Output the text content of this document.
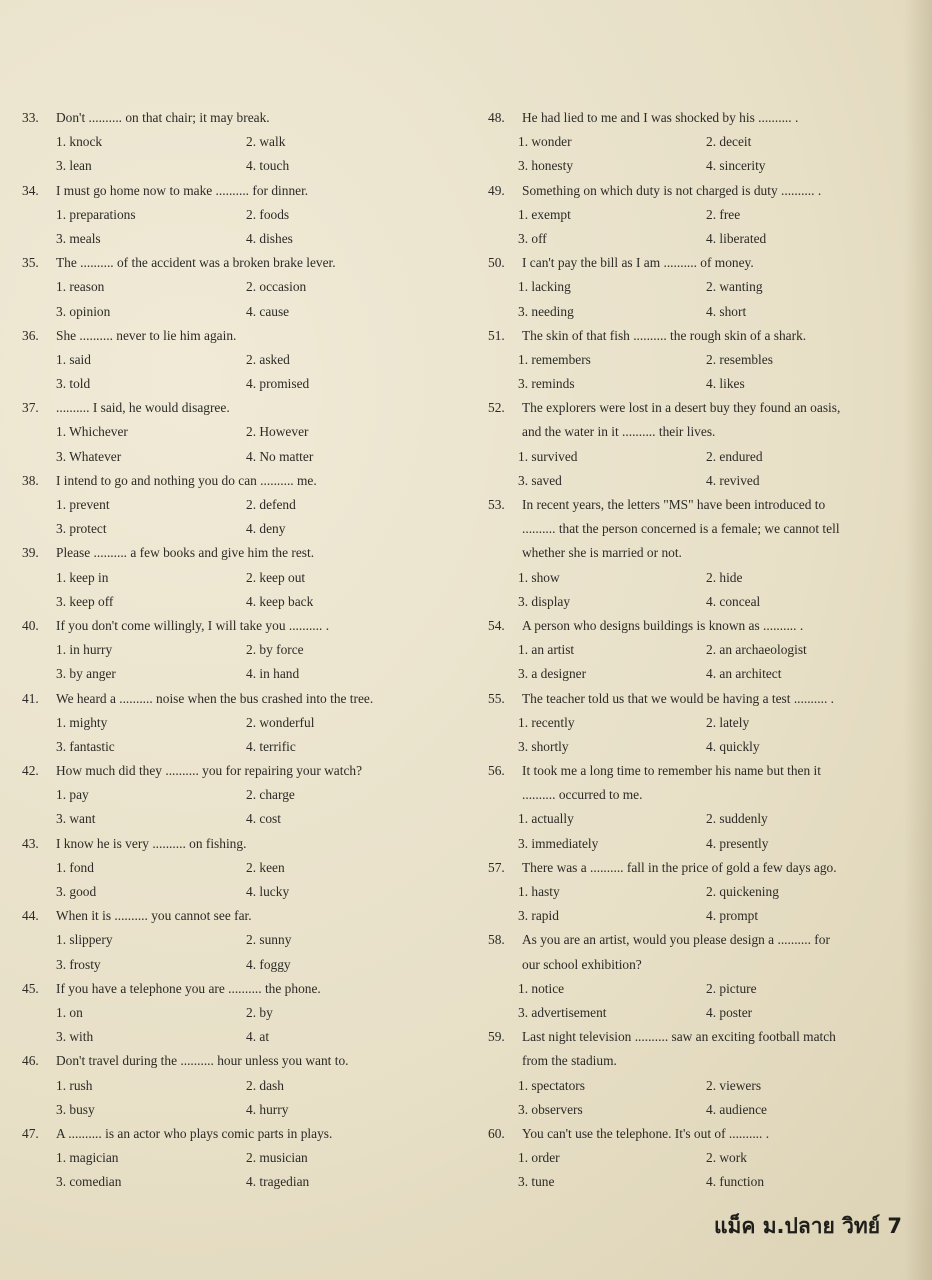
33.	Don't .......... on that chair; it may break.
1. knock	2. walk
3. lean	4. touch
34.	I must go home now to make .......... for dinner.
1. preparations	2. foods
3. meals	4. dishes
35.	The .......... of the accident was a broken brake lever.
1. reason	2. occasion
3. opinion	4. cause
36.	She .......... never to lie him again.
1. said	2. asked
3. told	4. promised
37.	.......... I said, he would disagree.
1. Whichever	2. However
3. Whatever	4. No matter
38.	I intend to go and nothing you do can .......... me.
1. prevent	2. defend
3. protect	4. deny
39.	Please .......... a few books and give him the rest.
1. keep in	2. keep out
3. keep off	4. keep back
40.	If you don't come willingly, I will take you .......... .
1. in hurry	2. by force
3. by anger	4. in hand
41.	We heard a .......... noise when the bus crashed into the tree.
1. mighty	2. wonderful
3. fantastic	4. terrific
42.	How much did they .......... you for repairing your watch?
1. pay	2. charge
3. want	4. cost
43.	I know he is very .......... on fishing.
1. fond	2. keen
3. good	4. lucky
44.	When it is .......... you cannot see far.
1. slippery	2. sunny
3. frosty	4. foggy
45.	If you have a telephone you are .......... the phone.
1. on	2. by
3. with	4. at
46.	Don't travel during the .......... hour unless you want to.
1. rush	2. dash
3. busy	4. hurry
47.	A .......... is an actor who plays comic parts in plays.
1. magician	2. musician
3. comedian	4. tragedian
48.	He had lied to me and I was shocked by his .......... .
1. wonder	2. deceit
3. honesty	4. sincerity
49.	Something on which duty is not charged is duty .......... .
1. exempt	2. free
3. off	4. liberated
50.	I can't pay the bill as I am .......... of money.
1. lacking	2. wanting
3. needing	4. short
51.	The skin of that fish .......... the rough skin of a shark.
1. remembers	2. resembles
3. reminds	4. likes
52.	The explorers were lost in a desert buy they found an oasis,
and the water in it .......... their lives.
1. survived	2. endured
3. saved	4. revived
53.	In recent years, the letters "MS" have been introduced to
.......... that the person concerned is a female; we cannot tell
whether she is married or not.
1. show	2. hide
3. display	4. conceal
54.	A person who designs buildings is known as .......... .
1. an artist	2. an archaeologist
3. a designer	4. an architect
55.	The teacher told us that we would be having a test .......... .
1. recently	2. lately
3. shortly	4. quickly
56.	It took me a long time to remember his name but then it
.......... occurred to me.
1. actually	2. suddenly
3. immediately	4. presently
57.	There was a .......... fall in the price of gold a few days ago.
1. hasty	2. quickening
3. rapid	4. prompt
58.	As you are an artist, would you please design a .......... for
our school exhibition?
1. notice	2. picture
3. advertisement	4. poster
59.	Last night television .......... saw an exciting football match
from the stadium.
1. spectators	2. viewers
3. observers	4. audience
60.	You can't use the telephone. It's out of .......... .
1. order	2. work
3. tune	4. function
แม็ค ม.ปลาย วิทย์ 7
